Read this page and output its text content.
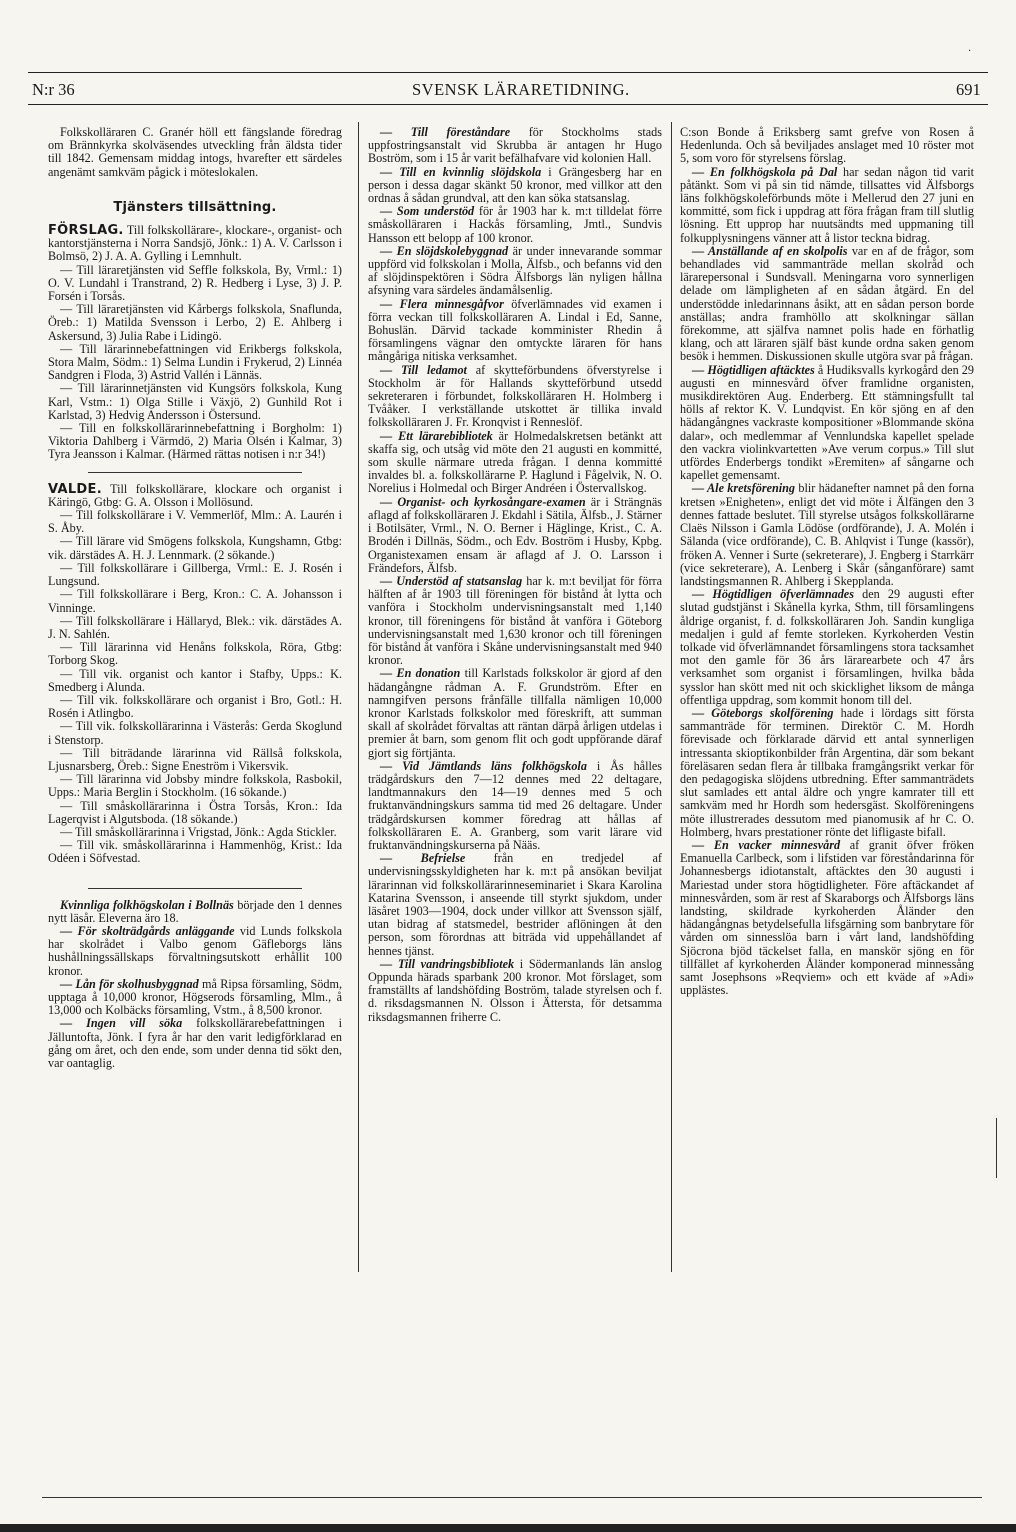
·
N:r 36	SVENSK LÄRARETIDNING.	691

Folkskolläraren C. Granér höll ett fängslande föredrag om Brännkyrka skolväsendes utveckling från äldsta tider till 1842. Gemensam middag intogs, hvarefter ett särdeles angenämt samkväm pågick i möteslokalen.

Tjänsters tillsättning.

FÖRSLAG. Till folkskollärare-, klockare-, organist- och kantorstjänsterna i Norra Sandsjö, Jönk.: 1) A. V. Carlsson i Bolmsö, 2) J. A. A. Gylling i Lemnhult.

— Till läraretjänsten vid Seffle folkskola, By, Vrml.: 1) O. V. Lundahl i Transtrand, 2) R. Hedberg i Lyse, 3) J. P. Forsén i Torsås.

— Till läraretjänsten vid Kårbergs folkskola, Snaflunda, Öreb.: 1) Matilda Svensson i Lerbo, 2) E. Ahlberg i Askersund, 3) Julia Rabe i Lidingö.

— Till lärarinnebefattningen vid Erikbergs folkskola, Stora Malm, Södm.: 1) Selma Lundin i Frykerud, 2) Linnéa Sandgren i Floda, 3) Astrid Vallén i Lännäs.

— Till lärarinnetjänsten vid Kungsörs folkskola, Kung Karl, Vstm.: 1) Olga Stille i Växjö, 2) Gunhild Rot i Karlstad, 3) Hedvig Andersson i Östersund.

— Till en folkskollärarinnebefattning i Borgholm: 1) Viktoria Dahlberg i Värmdö, 2) Maria Olsén i Kalmar, 3) Tyra Jeansson i Kalmar. (Härmed rättas notisen i n:r 34!)

VALDE. Till folkskollärare, klockare och organist i Käringö, Gtbg: G. A. Olsson i Mollösund.

— Till folkskollärare i V. Vemmerlöf, Mlm.: A. Laurén i S. Åby.

— Till lärare vid Smögens folkskola, Kungshamn, Gtbg: vik. därstädes A. H. J. Lennmark. (2 sökande.)

— Till folkskollärare i Gillberga, Vrml.: E. J. Rosén i Lungsund.

— Till folkskollärare i Berg, Kron.: C. A. Johansson i Vinninge.

— Till folkskollärare i Hällaryd, Blek.: vik. därstädes A. J. N. Sahlén.

— Till lärarinna vid Henåns folkskola, Röra, Gtbg: Torborg Skog.

— Till vik. organist och kantor i Stafby, Upps.: K. Smedberg i Alunda.

— Till vik. folkskollärare och organist i Bro, Gotl.: H. Rosén i Atlingbo.

— Till vik. folkskollärarinna i Västerås: Gerda Skoglund i Stenstorp.

— Till biträdande lärarinna vid Rällså folkskola, Ljusnarsberg, Öreb.: Signe Eneström i Vikersvik.

— Till lärarinna vid Jobsby mindre folkskola, Rasbokil, Upps.: Maria Berglin i Stockholm. (16 sökande.)

— Till småskollärarinna i Östra Torsås, Kron.: Ida Lagerqvist i Algutsboda. (18 sökande.)

— Till småskollärarinna i Vrigstad, Jönk.: Agda Stickler.

— Till vik. småskollärarinna i Hammenhög, Krist.: Ida Odéen i Söfvestad.

Kvinnliga folkhögskolan i Bollnäs började den 1 dennes nytt läsår. Eleverna äro 18.

— För skolträdgårds anläggande vid Lunds folkskola har skolrådet i Valbo genom Gäfleborgs läns hushållningssällskaps förvaltningsutskott erhållit 100 kronor.

— Lån för skolhusbyggnad må Ripsa församling, Södm, upptaga å 10,000 kronor, Högserods församling, Mlm., å 13,000 och Kolbäcks församling, Vstm., å 8,500 kronor.

— Ingen vill söka folkskollärarebefattningen i Jälluntofta, Jönk. I fyra år har den varit ledigförklarad en gång om året, och den ende, som under denna tid sökt den, var oantaglig.

— Till föreståndare för Stockholms stads uppfostringsanstalt vid Skrubba är antagen hr Hugo Boström, som i 15 år varit befälhafvare vid kolonien Hall.

— Till en kvinnlig slöjdskola i Grängesberg har en person i dessa dagar skänkt 50 kronor, med villkor att den ordnas å sådan grundval, att den kan söka statsanslag.

— Som understöd för år 1903 har k. m:t tilldelat förre småskolläraren i Hackås församling, Jmtl., Sundvis Hansson ett belopp af 100 kronor.

— En slöjdskolebyggnad är under innevarande sommar uppförd vid folkskolan i Molla, Älfsb., och befanns vid den af slöjdinspektören i Södra Älfsborgs län nyligen hållna afsyning vara särdeles ändamålsenlig.

— Flera minnesgåfvor öfverlämnades vid examen i förra veckan till folkskolläraren A. Lindal i Ed, Sanne, Bohuslän. Därvid tackade komminister Rhedin å församlingens vägnar den omtyckte läraren för hans mångåriga nitiska verksamhet.

— Till ledamot af skytteförbundens öfverstyrelse i Stockholm är för Hallands skytteförbund utsedd sekreteraren i förbundet, folkskolläraren H. Holmberg i Tvååker. I verkställande utskottet är tillika invald folkskolläraren J. Fr. Kronqvist i Renneslöf.

— Ett lärarebibliotek är Holmedalskretsen betänkt att skaffa sig, och utsåg vid möte den 21 augusti en kommitté, som skulle närmare utreda frågan. I denna kommitté invaldes bl. a. folkskollärarne P. Haglund i Fågelvik, N. O. Norelius i Holmedal och Birger Andréen i Östervallskog.

— Organist- och kyrkosångare-examen är i Strängnäs aflagd af folkskolläraren J. Ekdahl i Sätila, Älfsb., J. Stärner i Botilsäter, Vrml., N. O. Berner i Häglinge, Krist., C. A. Brodén i Dillnäs, Södm., och Edv. Boström i Husby, Kpbg. Organistexamen ensam är aflagd af J. O. Larsson i Frändefors, Älfsb.

— Understöd af statsanslag har k. m:t beviljat för förra hälften af år 1903 till föreningen för bistånd åt lytta och vanföra i Stockholm undervisningsanstalt med 1,140 kronor, till föreningens för bistånd åt vanföra i Göteborg undervisningsanstalt med 1,630 kronor och till föreningen för bistånd åt vanföra i Skåne undervisningsanstalt med 940 kronor.

— En donation till Karlstads folkskolor är gjord af den hädangångne rådman A. F. Grundström. Efter en namngifven persons frånfälle tillfalla nämligen 10,000 kronor Karlstads folkskolor med föreskrift, att summan skall af skolrådet förvaltas att räntan därpå årligen utdelas i premier åt barn, som genom flit och godt uppförande däraf gjort sig förtjänta.

— Vid Jämtlands läns folkhögskola i Ås hålles trädgårdskurs den 7—12 dennes med 22 deltagare, landtmannakurs den 14—19 dennes med 5 och fruktanvändningskurs samma tid med 26 deltagare. Under trädgårdskursen kommer föredrag att hållas af folkskolläraren E. A. Granberg, som varit lärare vid fruktanvändningskurserna på Nääs.

— Befrielse från en tredjedel af undervisningsskyldigheten har k. m:t på ansökan beviljat lärarinnan vid folkskollärarinneseminariet i Skara Karolina Katarina Svensson, i anseende till styrkt sjukdom, under läsåret 1903—1904, dock under villkor att Svensson själf, utan bidrag af statsmedel, bestrider aflöningen åt den person, som förordnas att biträda vid uppehållandet af hennes tjänst.

— Till vandringsbibliotek i Södermanlands län anslog Oppunda härads sparbank 200 kronor. Mot förslaget, som framställts af landshöfding Boström, talade styrelsen och f. d. riksdagsmannen N. Olsson i Ättersta, för detsamma riksdagsmannen friherre C.

C:son Bonde å Eriksberg samt grefve von Rosen å Hedenlunda. Och så beviljades anslaget med 10 röster mot 5, som voro för styrelsens förslag.

— En folkhögskola på Dal har sedan någon tid varit påtänkt. Som vi på sin tid nämde, tillsattes vid Älfsborgs läns folkhögskoleförbunds möte i Mellerud den 27 juni en kommitté, som fick i uppdrag att föra frågan fram till slutlig lösning. Ett upprop har nuutsändts med uppmaning till folkupplysningens vänner att å listor teckna bidrag.

— Anställande af en skolpolis var en af de frågor, som behandlades vid sammanträde mellan skolråd och lärarepersonal i Sundsvall. Meningarna voro synnerligen delade om lämpligheten af en sådan åtgärd. En del understödde inledarinnans åsikt, att en sådan person borde anställas; andra framhöllo att skolkningar sällan förekomme, att själfva namnet polis hade en förhatlig klang, och att läraren själf bäst kunde ordna saken genom besök i hemmen. Diskussionen skulle utgöra svar på frågan.

— Högtidligen aftäcktes å Hudiksvalls kyrkogård den 29 augusti en minnesvård öfver framlidne organisten, musikdirektören Aug. Enderberg. Ett stämningsfullt tal hölls af rektor K. V. Lundqvist. En kör sjöng en af den hädangångnes vackraste kompositioner »Blommande sköna dalar», och medlemmar af Vennlundska kapellet spelade den vackra violinkvartetten »Ave verum corpus.» Till slut utfördes Enderbergs tondikt »Eremiten» af sångarne och kapellet gemensamt.

— Ale kretsförening blir hädanefter namnet på den forna kretsen »Enigheten», enligt det vid möte i Älfängen den 3 dennes fattade beslutet. Till styrelse utsågos folkskollärarne Claës Nilsson i Gamla Lödöse (ordförande), J. A. Molén i Sälanda (vice ordförande), C. B. Ahlqvist i Tunge (kassör), fröken A. Venner i Surte (sekreterare), J. Engberg i Starrkärr (vice sekreterare), A. Lenberg i Skår (sånganförare) samt landstingsmannen R. Ahlberg i Skepplanda.

— Högtidligen öfverlämnades den 29 augusti efter slutad gudstjänst i Skånella kyrka, Sthm, till församlingens åldrige organist, f. d. folkskolläraren Joh. Sandin kungliga medaljen i guld af femte storleken. Kyrkoherden Vestin tolkade vid öfverlämnandet församlingens stora tacksamhet mot den gamle för 36 års lärarearbete och 47 års verksamhet som organist i församlingen, hvilka båda sysslor han skött med nit och skicklighet liksom de många offentliga uppdrag, som kommit honom till del.

— Göteborgs skolförening hade i lördags sitt första sammanträde för terminen. Direktör C. M. Hordh förevisade och förklarade därvid ett antal synnerligen intressanta skioptikonbilder från Argentina, där som bekant föreläsaren sedan flera år tillbaka framgångsrikt verkar för den pedagogiska slöjdens utbredning. Efter sammanträdets slut samlades ett antal äldre och yngre kamrater till ett samkväm med hr Hordh som hedersgäst. Skolföreningens möte illustrerades dessutom med pianomusik af hr C. O. Holmberg, hvars prestationer rönte det lifligaste bifall.

— En vacker minnesvård af granit öfver fröken Emanuella Carlbeck, som i lifstiden var föreståndarinna för Johannesbergs idiotanstalt, aftäcktes den 30 augusti i Mariestad under stora högtidligheter. Före aftäckandet af minnesvården, som är rest af Skaraborgs och Älfsborgs läns landsting, skildrade kyrkoherden Åländer den hädangångnas betydelsefulla lifsgärning som banbrytare för vården om sinnesslöa barn i vårt land, landshöfding Sjöcrona bjöd täckelset falla, en manskör sjöng en för tillfället af kyrkoherden Åländer komponerad minnessång samt Josephsons »Reqviem» och ett kväde af »Adi» upplästes.
